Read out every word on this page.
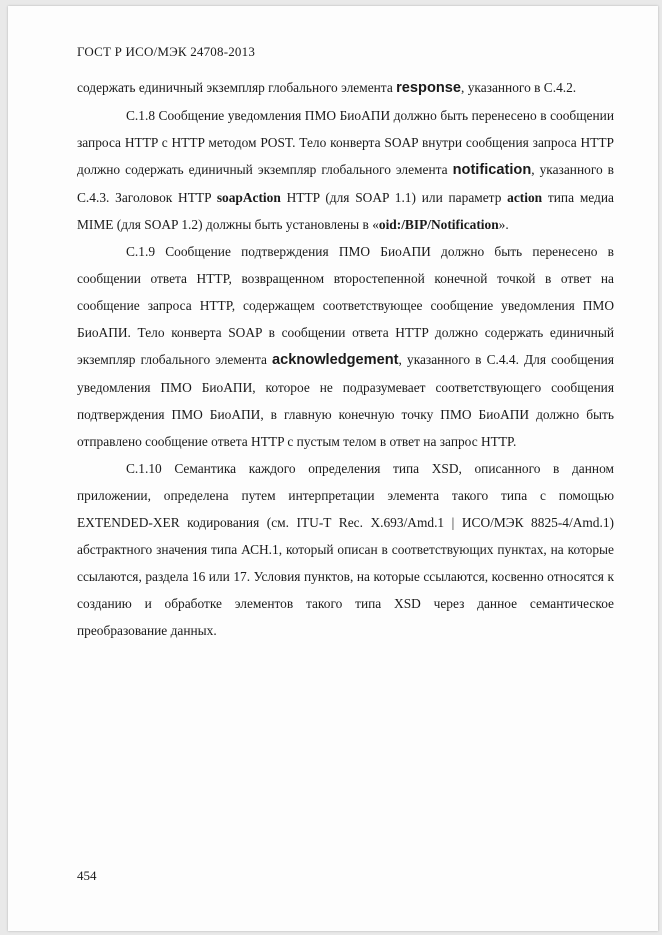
ГОСТ Р ИСО/МЭК 24708-2013

содержать единичный экземпляр глобального элемента response, указанного в С.4.2.

С.1.8 Сообщение уведомления ПМО БиоАПИ должно быть перенесено в сообщении запроса HTTP с HTTP методом POST. Тело конверта SOAP внутри сообщения запроса HTTP должно содержать единичный экземпляр глобального элемента notification, указанного в С.4.3. Заголовок HTTP soapAction HTTP (для SOAP 1.1) или параметр action типа медиа MIME (для SOAP 1.2) должны быть установлены в «oid:/BIP/Notification».

С.1.9 Сообщение подтверждения ПМО БиоАПИ должно быть перенесено в сообщении ответа HTTP, возвращенном второстепенной конечной точкой в ответ на сообщение запроса HTTP, содержащем соответствующее сообщение уведомления ПМО БиоАПИ. Тело конверта SOAP в сообщении ответа HTTP должно содержать единичный экземпляр глобального элемента acknowledgement, указанного в С.4.4. Для сообщения уведомления ПМО БиоАПИ, которое не подразумевает соответствующего сообщения подтверждения ПМО БиоАПИ, в главную конечную точку ПМО БиоАПИ должно быть отправлено сообщение ответа HTTP с пустым телом в ответ на запрос HTTP.

С.1.10 Семантика каждого определения типа XSD, описанного в данном приложении, определена путем интерпретации элемента такого типа с помощью EXTENDED-XER кодирования (см. ITU-T Rec. X.693/Amd.1 | ИСО/МЭК 8825-4/Amd.1) абстрактного значения типа АСН.1, который описан в соответствующих пунктах, на которые ссылаются, раздела 16 или 17. Условия пунктов, на которые ссылаются, косвенно относятся к созданию и обработке элементов такого типа XSD через данное семантическое преобразование данных.

454
